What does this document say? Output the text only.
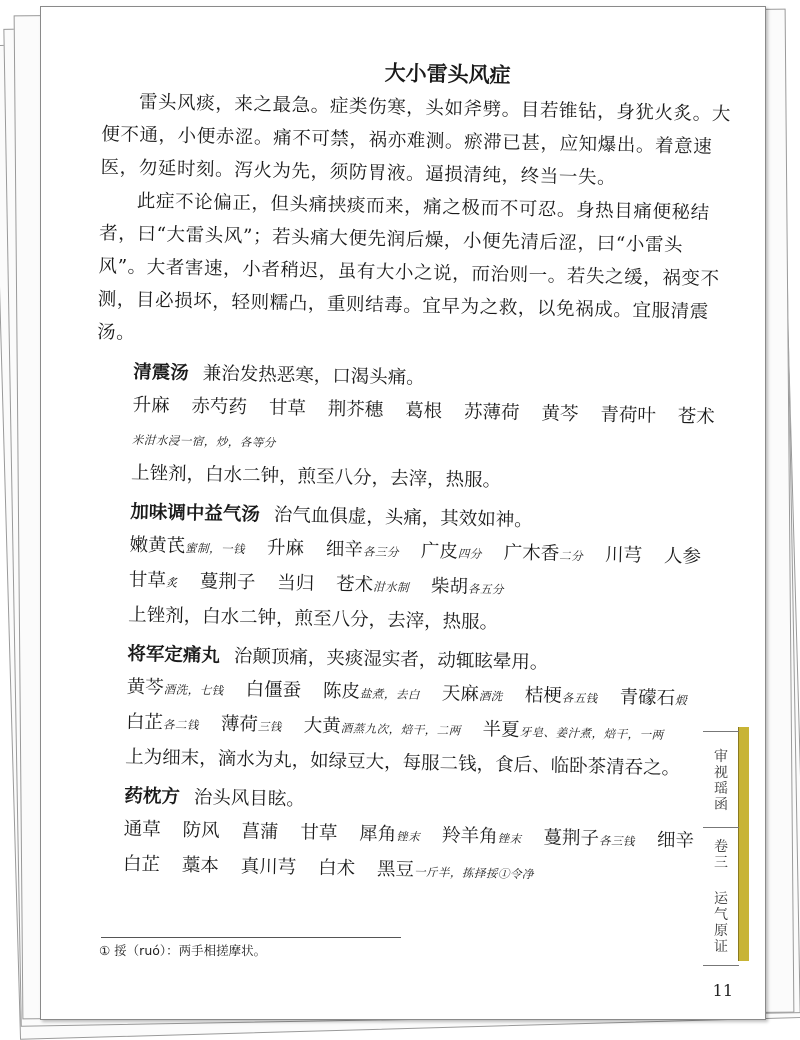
大小雷头风症

雷头风痰，来之最急。症类伤寒，头如斧劈。目若锥钻，身犹火炙。大便不通，小便赤涩。痛不可禁，祸亦难测。瘀滞已甚，应知爆出。着意速医，勿延时刻。泻火为先，须防胃液。逼损清纯，终当一失。

此症不论偏正，但头痛挟痰而来，痛之极而不可忍。身热目痛便秘结者，曰“大雷头风”；若头痛大便先润后燥，小便先清后涩，曰“小雷头风”。大者害速，小者稍迟，虽有大小之说，而治则一。若失之缓，祸变不测，目必损坏，轻则糯凸，重则结毒。宜早为之救，以免祸成。宜服清震汤。

清震汤 兼治发热恶寒，口渴头痛。
升麻 赤芍药 甘草 荆芥穗 葛根 苏薄荷 黄芩 青荷叶 苍术米泔水浸一宿，炒，各等分
上锉剂，白水二钟，煎至八分，去滓，热服。
加味调中益气汤 治气血俱虚，头痛，其效如神。
嫩黄芪蜜制，一钱 升麻 细辛各三分 广皮四分 广木香二分 川芎 人参 甘草炙 蔓荆子 当归 苍术泔水制 柴胡各五分
上锉剂，白水二钟，煎至八分，去滓，热服。
将军定痛丸 治颠顶痛，夹痰湿实者，动辄眩晕用。
黄芩酒洗，七钱 白僵蚕 陈皮盐煮，去白 天麻酒洗 桔梗各五钱 青礞石煅 白芷各二钱 薄荷三钱 大黄酒蒸九次，焙干，二两 半夏牙皂、姜汁煮，焙干，一两
上为细末，滴水为丸，如绿豆大，每服二钱，食后、临卧茶清吞之。
药枕方 治头风目眩。
通草 防风 菖蒲 甘草 犀角锉末 羚羊角锉末 蔓荆子各三钱 细辛 白芷 藁本 真川芎 白术 黑豆一斤半，拣择挼①令净
① 挼（ruó）：两手相搓摩状。
审
视
瑶
函
卷
三
运
气
原
证
11
